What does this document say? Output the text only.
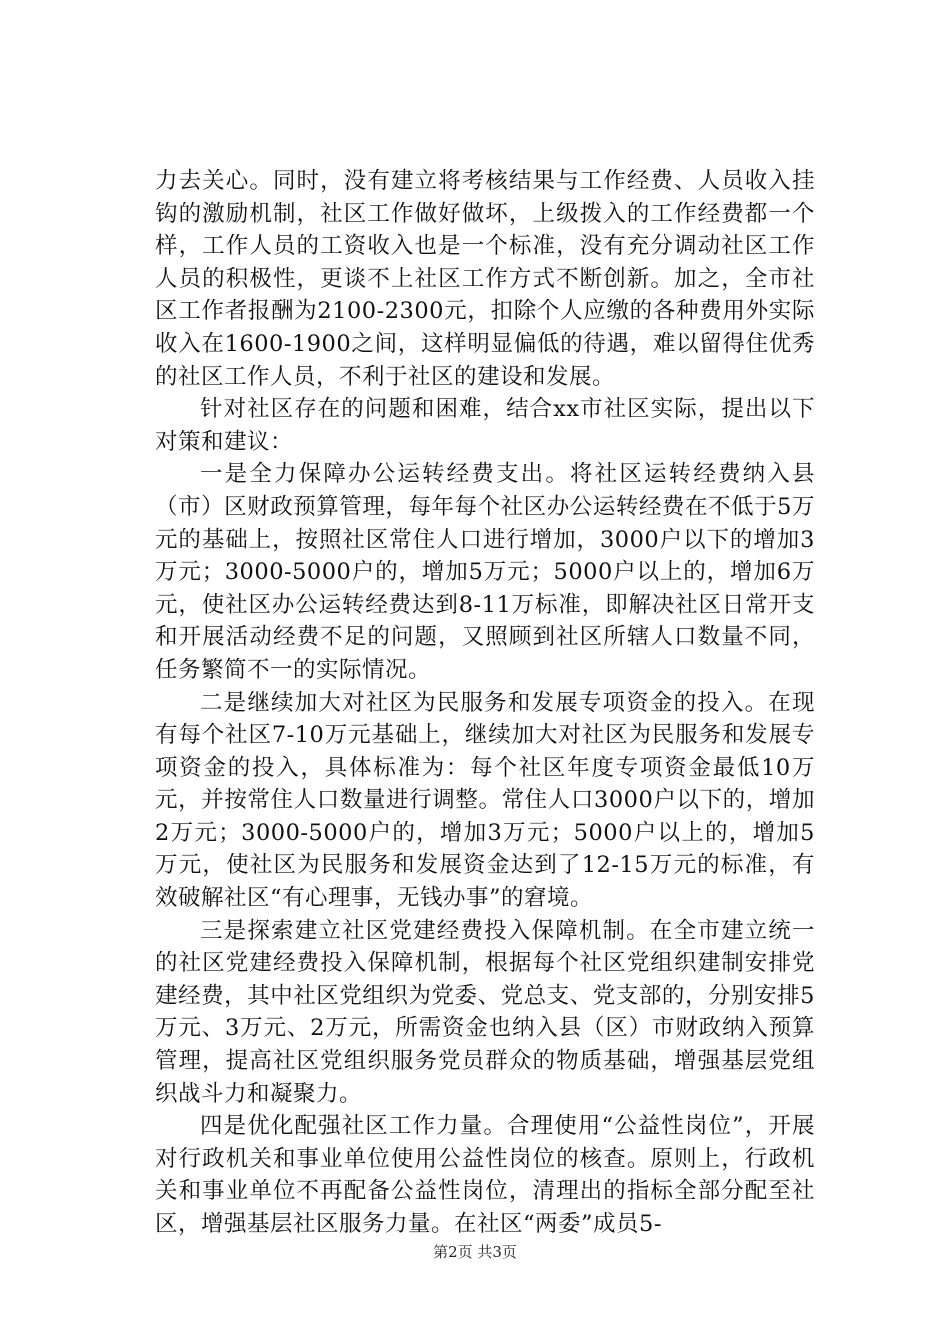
力去关心。同时，没有建立将考核结果与工作经费、人员收入挂钩的激励机制，社区工作做好做坏，上级拨入的工作经费都一个样，工作人员的工资收入也是一个标准，没有充分调动社区工作人员的积极性，更谈不上社区工作方式不断创新。加之，全市社区工作者报酬为2100-2300元，扣除个人应缴的各种费用外实际收入在1600-1900之间，这样明显偏低的待遇，难以留得住优秀的社区工作人员，不利于社区的建设和发展。

针对社区存在的问题和困难，结合xx市社区实际，提出以下对策和建议：

一是全力保障办公运转经费支出。将社区运转经费纳入县（市）区财政预算管理，每年每个社区办公运转经费在不低于5万元的基础上，按照社区常住人口进行增加，3000户以下的增加3万元；3000-5000户的，增加5万元；5000户以上的，增加6万元，使社区办公运转经费达到8-11万标准，即解决社区日常开支和开展活动经费不足的问题，又照顾到社区所辖人口数量不同，任务繁简不一的实际情况。

二是继续加大对社区为民服务和发展专项资金的投入。在现有每个社区7-10万元基础上，继续加大对社区为民服务和发展专项资金的投入，具体标准为：每个社区年度专项资金最低10万元，并按常住人口数量进行调整。常住人口3000户以下的，增加2万元；3000-5000户的，增加3万元；5000户以上的，增加5万元，使社区为民服务和发展资金达到了12-15万元的标准，有效破解社区“有心理事，无钱办事”的窘境。

三是探索建立社区党建经费投入保障机制。在全市建立统一的社区党建经费投入保障机制，根据每个社区党组织建制安排党建经费，其中社区党组织为党委、党总支、党支部的，分别安排5万元、3万元、2万元，所需资金也纳入县（区）市财政纳入预算管理，提高社区党组织服务党员群众的物质基础，增强基层党组织战斗力和凝聚力。

四是优化配强社区工作力量。合理使用“公益性岗位”，开展对行政机关和事业单位使用公益性岗位的核查。原则上，行政机关和事业单位不再配备公益性岗位，清理出的指标全部分配至社区，增强基层社区服务力量。在社区“两委”成员5-

第2页 共3页
